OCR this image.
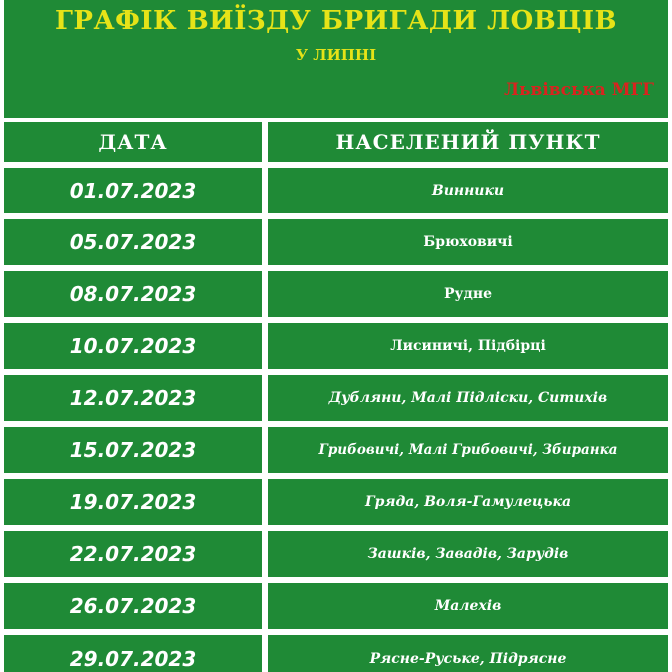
ГРАФІК ВИЇЗДУ БРИГАДИ ЛОВЦІВ
У ЛИПНІ
Львівська МГГ
ДАТА	НАСЕЛЕНИЙ ПУНКТ
01.07.2023	Винники
05.07.2023	Брюховичі
08.07.2023	Рудне
10.07.2023	Лисиничі, Підбірці
12.07.2023	Дубляни, Малі Підліски, Ситихів
15.07.2023	Грибовичі, Малі Грибовичі, Збиранка
19.07.2023	Гряда, Воля-Гамулецька
22.07.2023	Зашків, Завадів, Зарудів
26.07.2023	Малехів
29.07.2023	Рясне-Руське, Підрясне
